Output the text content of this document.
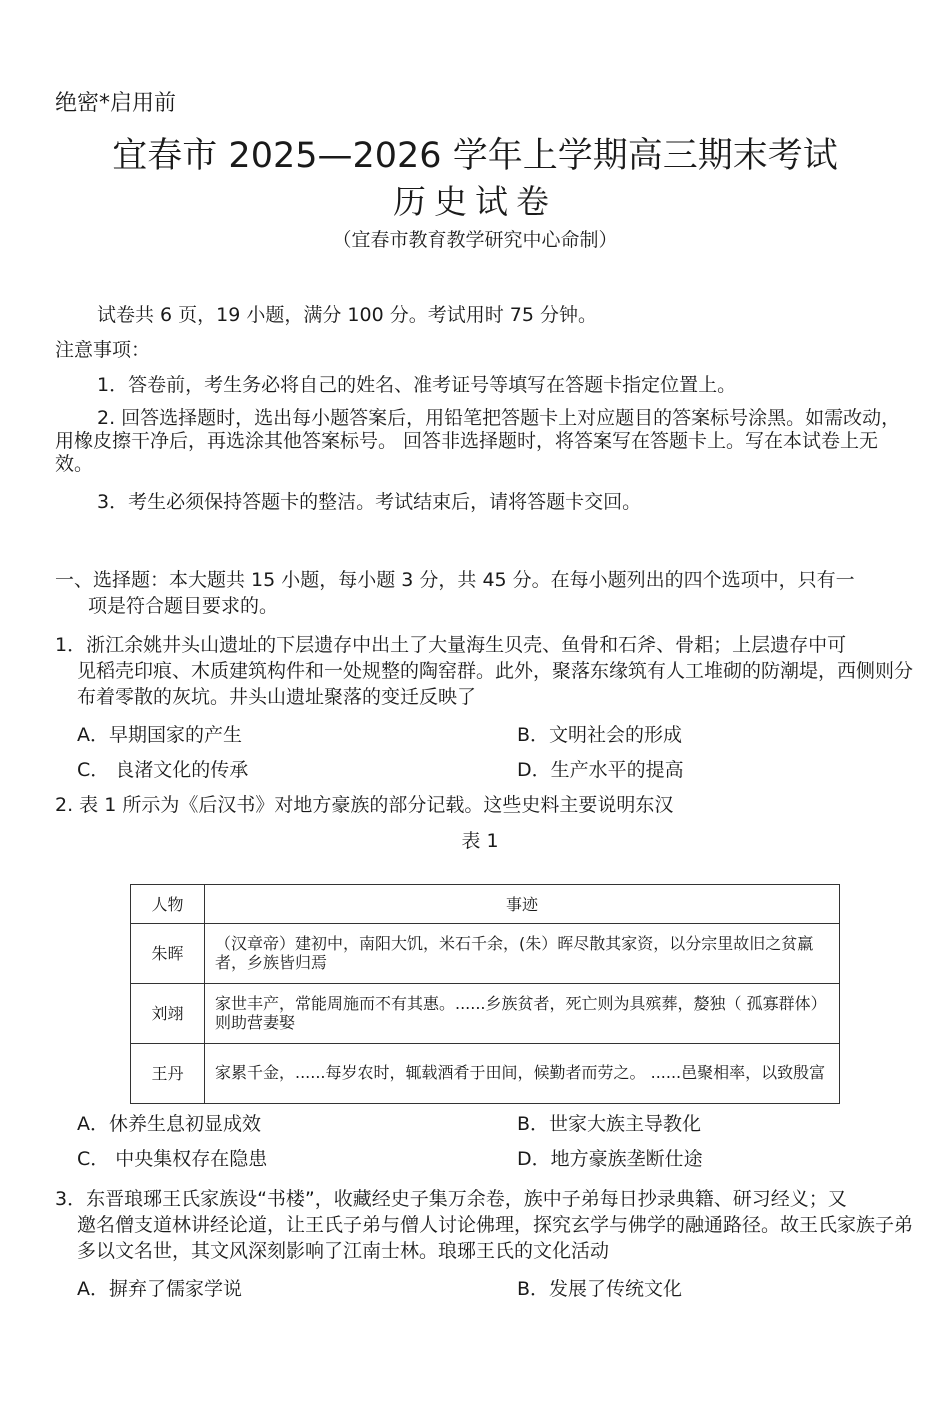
绝密*启用前
宜春市 2025—2026 学年上学期高三期末考试
历史试卷
（宜春市教育教学研究中心命制）
试卷共 6 页，19 小题，满分 100 分。考试用时 75 分钟。
注意事项：
1．答卷前，考生务必将自己的姓名、准考证号等填写在答题卡指定位置上。
2. 回答选择题时，选出每小题答案后，用铅笔把答题卡上对应题目的答案标号涂黑。如需改动，用橡皮擦干净后，再选涂其他答案标号。 回答非选择题时，将答案写在答题卡上。写在本试卷上无效。
3．考生必须保持答题卡的整洁。考试结束后，请将答题卡交回。
一、选择题：本大题共 15 小题，每小题 3 分，共 45 分。在每小题列出的四个选项中，只有一
项是符合题目要求的。
1．浙江余姚井头山遗址的下层遗存中出土了大量海生贝壳、鱼骨和石斧、骨耜；上层遗存中可
见稻壳印痕、木质建筑构件和一处规整的陶窑群。此外，聚落东缘筑有人工堆砌的防潮堤，西侧则分布着零散的灰坑。井头山遗址聚落的变迁反映了
A．早期国家的产生	B．文明社会的形成
C． 良渚文化的传承	D．生产水平的提高
2. 表 1 所示为《后汉书》对地方豪族的部分记载。这些史料主要说明东汉
表 1
人物	事迹
朱晖	（汉章帝）建初中，南阳大饥，米石千余，(朱）晖尽散其家资，以分宗里故旧之贫羸者，乡族皆归焉
刘翊	家世丰产，常能周施而不有其惠。......乡族贫者，死亡则为具殡葬，嫠独（ 孤寡群体）则助营妻娶
王丹	家累千金，......每岁农时，辄载酒肴于田间，候勤者而劳之。 ......邑聚相率，以致殷富
A．休养生息初显成效	B．世家大族主导教化
C． 中央集权存在隐患	D．地方豪族垄断仕途
3．东晋琅琊王氏家族设“书楼”，收藏经史子集万余卷，族中子弟每日抄录典籍、研习经义；又
邀名僧支道林讲经论道，让王氏子弟与僧人讨论佛理，探究玄学与佛学的融通路径。故王氏家族子弟多以文名世，其文风深刻影响了江南士林。琅琊王氏的文化活动
A．摒弃了儒家学说	B．发展了传统文化
